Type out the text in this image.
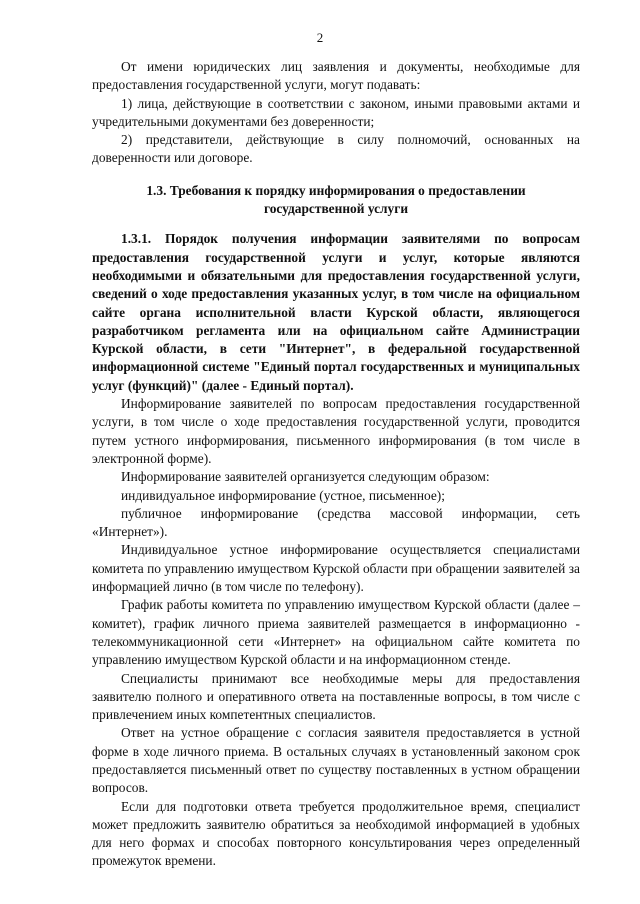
2

От имени юридических лиц заявления и документы, необходимые для предоставления государственной услуги, могут подавать:

1) лица, действующие в соответствии с законом, иными правовыми актами и учредительными документами без доверенности;

2) представители, действующие в силу полномочий, основанных на доверенности или договоре.

1.3. Требования к порядку информирования о предоставлении государственной услуги

1.3.1. Порядок получения информации заявителями по вопросам предоставления государственной услуги и услуг, которые являются необходимыми и обязательными для предоставления государственной услуги, сведений о ходе предоставления указанных услуг, в том числе на официальном сайте органа исполнительной власти Курской области, являющегося разработчиком регламента или на официальном сайте Администрации Курской области, в сети "Интернет", в федеральной государственной информационной системе "Единый портал государственных и муниципальных услуг (функций)" (далее - Единый портал).

Информирование заявителей по вопросам предоставления государственной услуги, в том числе о ходе предоставления государственной услуги, проводится путем устного информирования, письменного информирования (в том числе в электронной форме).

Информирование заявителей организуется следующим образом:

индивидуальное информирование (устное, письменное);

публичное информирование (средства массовой информации, сеть «Интернет»).

Индивидуальное устное информирование осуществляется специалистами комитета по управлению имуществом Курской области при обращении заявителей за информацией лично (в том числе по телефону).

График работы комитета по управлению имуществом Курской области (далее – комитет), график личного приема заявителей размещается в информационно - телекоммуникационной сети «Интернет» на официальном сайте комитета по управлению имуществом Курской области и на информационном стенде.

Специалисты принимают все необходимые меры для предоставления заявителю полного и оперативного ответа на поставленные вопросы, в том числе с привлечением иных компетентных специалистов.

Ответ на устное обращение с согласия заявителя предоставляется в устной форме в ходе личного приема. В остальных случаях в установленный законом срок предоставляется письменный ответ по существу поставленных в устном обращении вопросов.

Если для подготовки ответа требуется продолжительное время, специалист может предложить заявителю обратиться за необходимой информацией в удобных для него формах и способах повторного консультирования через определенный промежуток времени.
